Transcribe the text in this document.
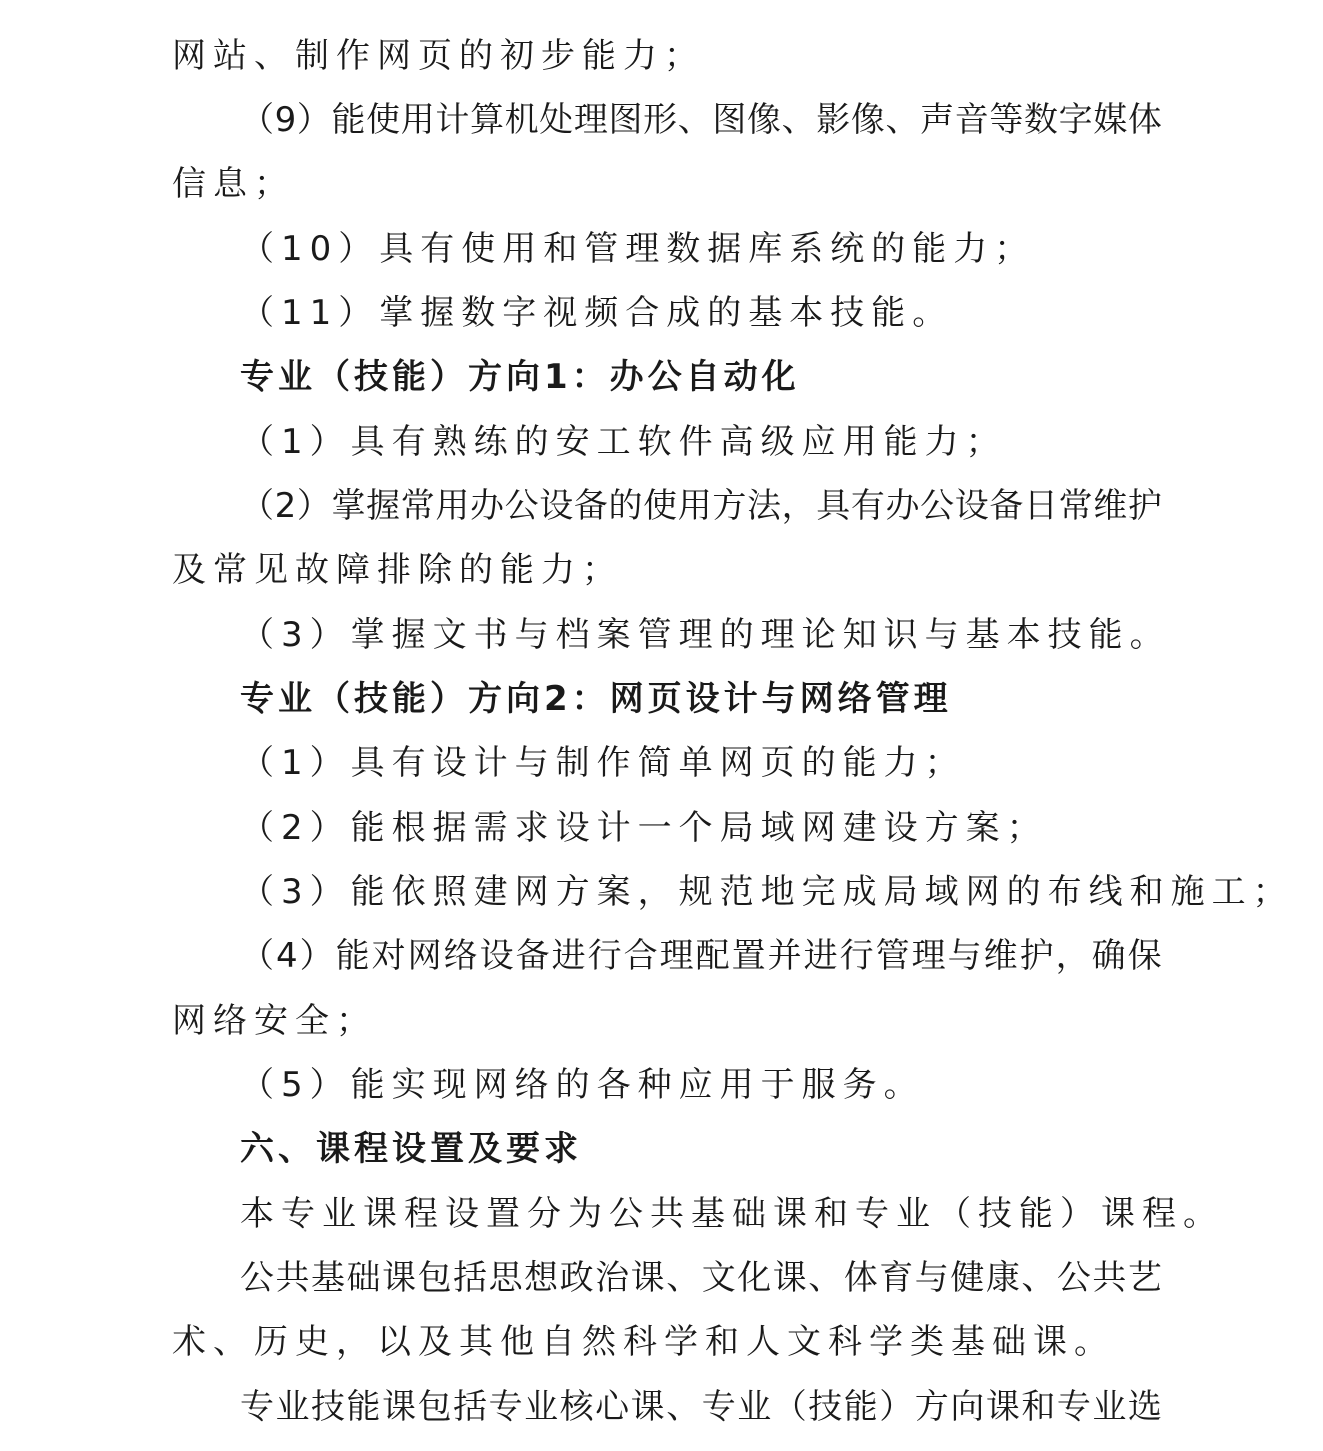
网站、制作网页的初步能力；
（ 9 ） 能 使 用 计 算 机 处 理 图 形 、 图 像 、 影 像 、 声 音 等 数 字 媒 体
信息；
（10）具有使用和管理数据库系统的能力；
（11）掌握数字视频合成的基本技能。
专业（技能）方向1：办公自动化
（1）具有熟练的安工软件高级应用能力；
（ 2 ） 掌 握 常 用 办 公 设 备 的 使 用 方 法 ， 具 有 办 公 设 备 日 常 维 护
及常见故障排除的能力；
（3）掌握文书与档案管理的理论知识与基本技能。
专业（技能）方向2：网页设计与网络管理
（1）具有设计与制作简单网页的能力；
（2）能根据需求设计一个局域网建设方案；
（3）能依照建网方案，规范地完成局域网的布线和施工；
（ 4 ） 能 对 网 络 设 备 进 行 合 理 配 置 并 进 行 管 理 与 维 护 ， 确 保
网络安全；
（5）能实现网络的各种应用于服务。
六、课程设置及要求
本专业课程设置分为公共基础课和专业（技能）课程。
公 共 基 础 课 包 括 思 想 政 治 课 、 文 化 课 、 体 育 与 健 康 、 公 共 艺
术、历史，以及其他自然科学和人文科学类基础课。
专 业 技 能 课 包 括 专 业 核 心 课 、 专 业 （ 技 能 ） 方 向 课 和 专 业 选
